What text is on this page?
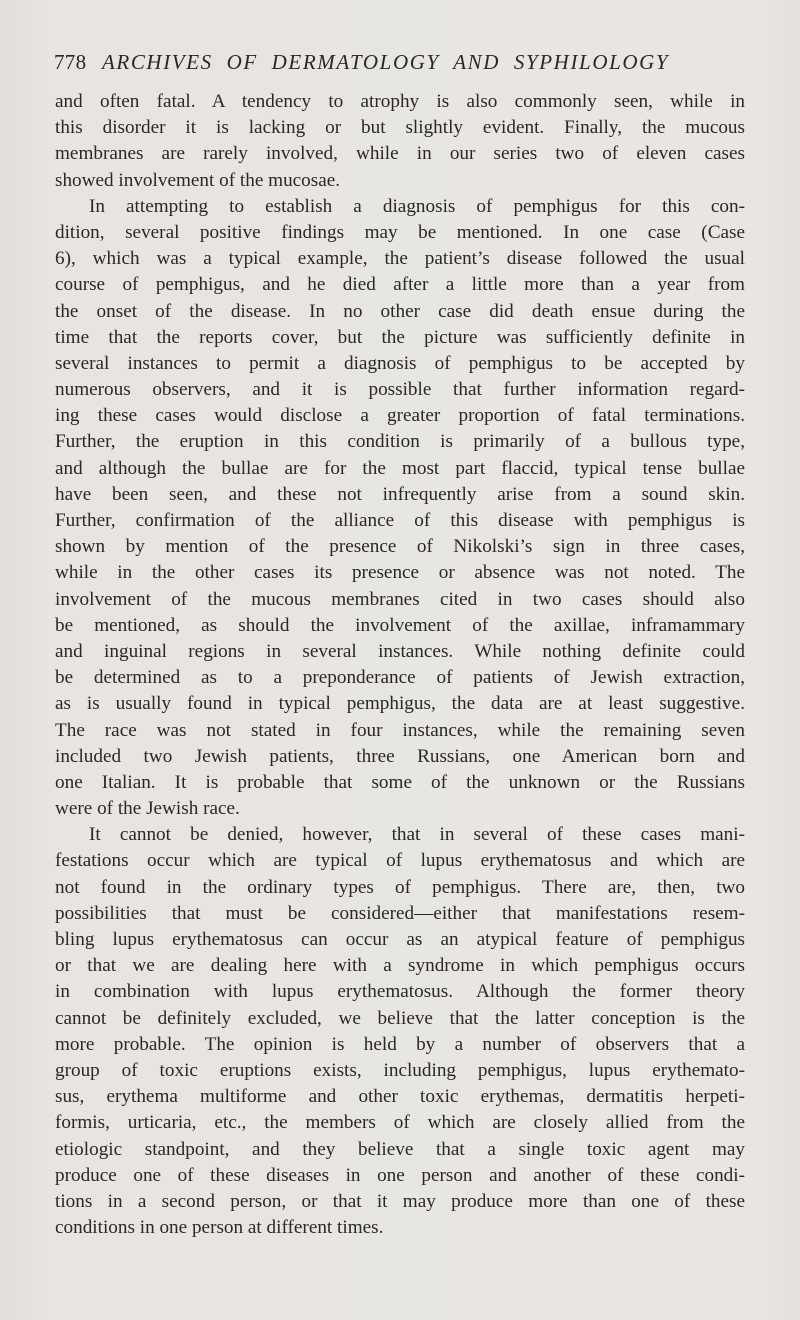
778 ARCHIVES OF DERMATOLOGY AND SYPHILOLOGY
and often fatal. A tendency to atrophy is also commonly seen, while in
this disorder it is lacking or but slightly evident. Finally, the mucous
membranes are rarely involved, while in our series two of eleven cases
showed involvement of the mucosae.
In attempting to establish a diagnosis of pemphigus for this con-
dition, several positive findings may be mentioned. In one case (Case
6), which was a typical example, the patient’s disease followed the usual
course of pemphigus, and he died after a little more than a year from
the onset of the disease. In no other case did death ensue during the
time that the reports cover, but the picture was sufficiently definite in
several instances to permit a diagnosis of pemphigus to be accepted by
numerous observers, and it is possible that further information regard-
ing these cases would disclose a greater proportion of fatal terminations.
Further, the eruption in this condition is primarily of a bullous type,
and although the bullae are for the most part flaccid, typical tense bullae
have been seen, and these not infrequently arise from a sound skin.
Further, confirmation of the alliance of this disease with pemphigus is
shown by mention of the presence of Nikolski’s sign in three cases,
while in the other cases its presence or absence was not noted. The
involvement of the mucous membranes cited in two cases should also
be mentioned, as should the involvement of the axillae, inframammary
and inguinal regions in several instances. While nothing definite could
be determined as to a preponderance of patients of Jewish extraction,
as is usually found in typical pemphigus, the data are at least suggestive.
The race was not stated in four instances, while the remaining seven
included two Jewish patients, three Russians, one American born and
one Italian. It is probable that some of the unknown or the Russians
were of the Jewish race.
It cannot be denied, however, that in several of these cases mani-
festations occur which are typical of lupus erythematosus and which are
not found in the ordinary types of pemphigus. There are, then, two
possibilities that must be considered—either that manifestations resem-
bling lupus erythematosus can occur as an atypical feature of pemphigus
or that we are dealing here with a syndrome in which pemphigus occurs
in combination with lupus erythematosus. Although the former theory
cannot be definitely excluded, we believe that the latter conception is the
more probable. The opinion is held by a number of observers that a
group of toxic eruptions exists, including pemphigus, lupus erythemato-
sus, erythema multiforme and other toxic erythemas, dermatitis herpeti-
formis, urticaria, etc., the members of which are closely allied from the
etiologic standpoint, and they believe that a single toxic agent may
produce one of these diseases in one person and another of these condi-
tions in a second person, or that it may produce more than one of these
conditions in one person at different times.
